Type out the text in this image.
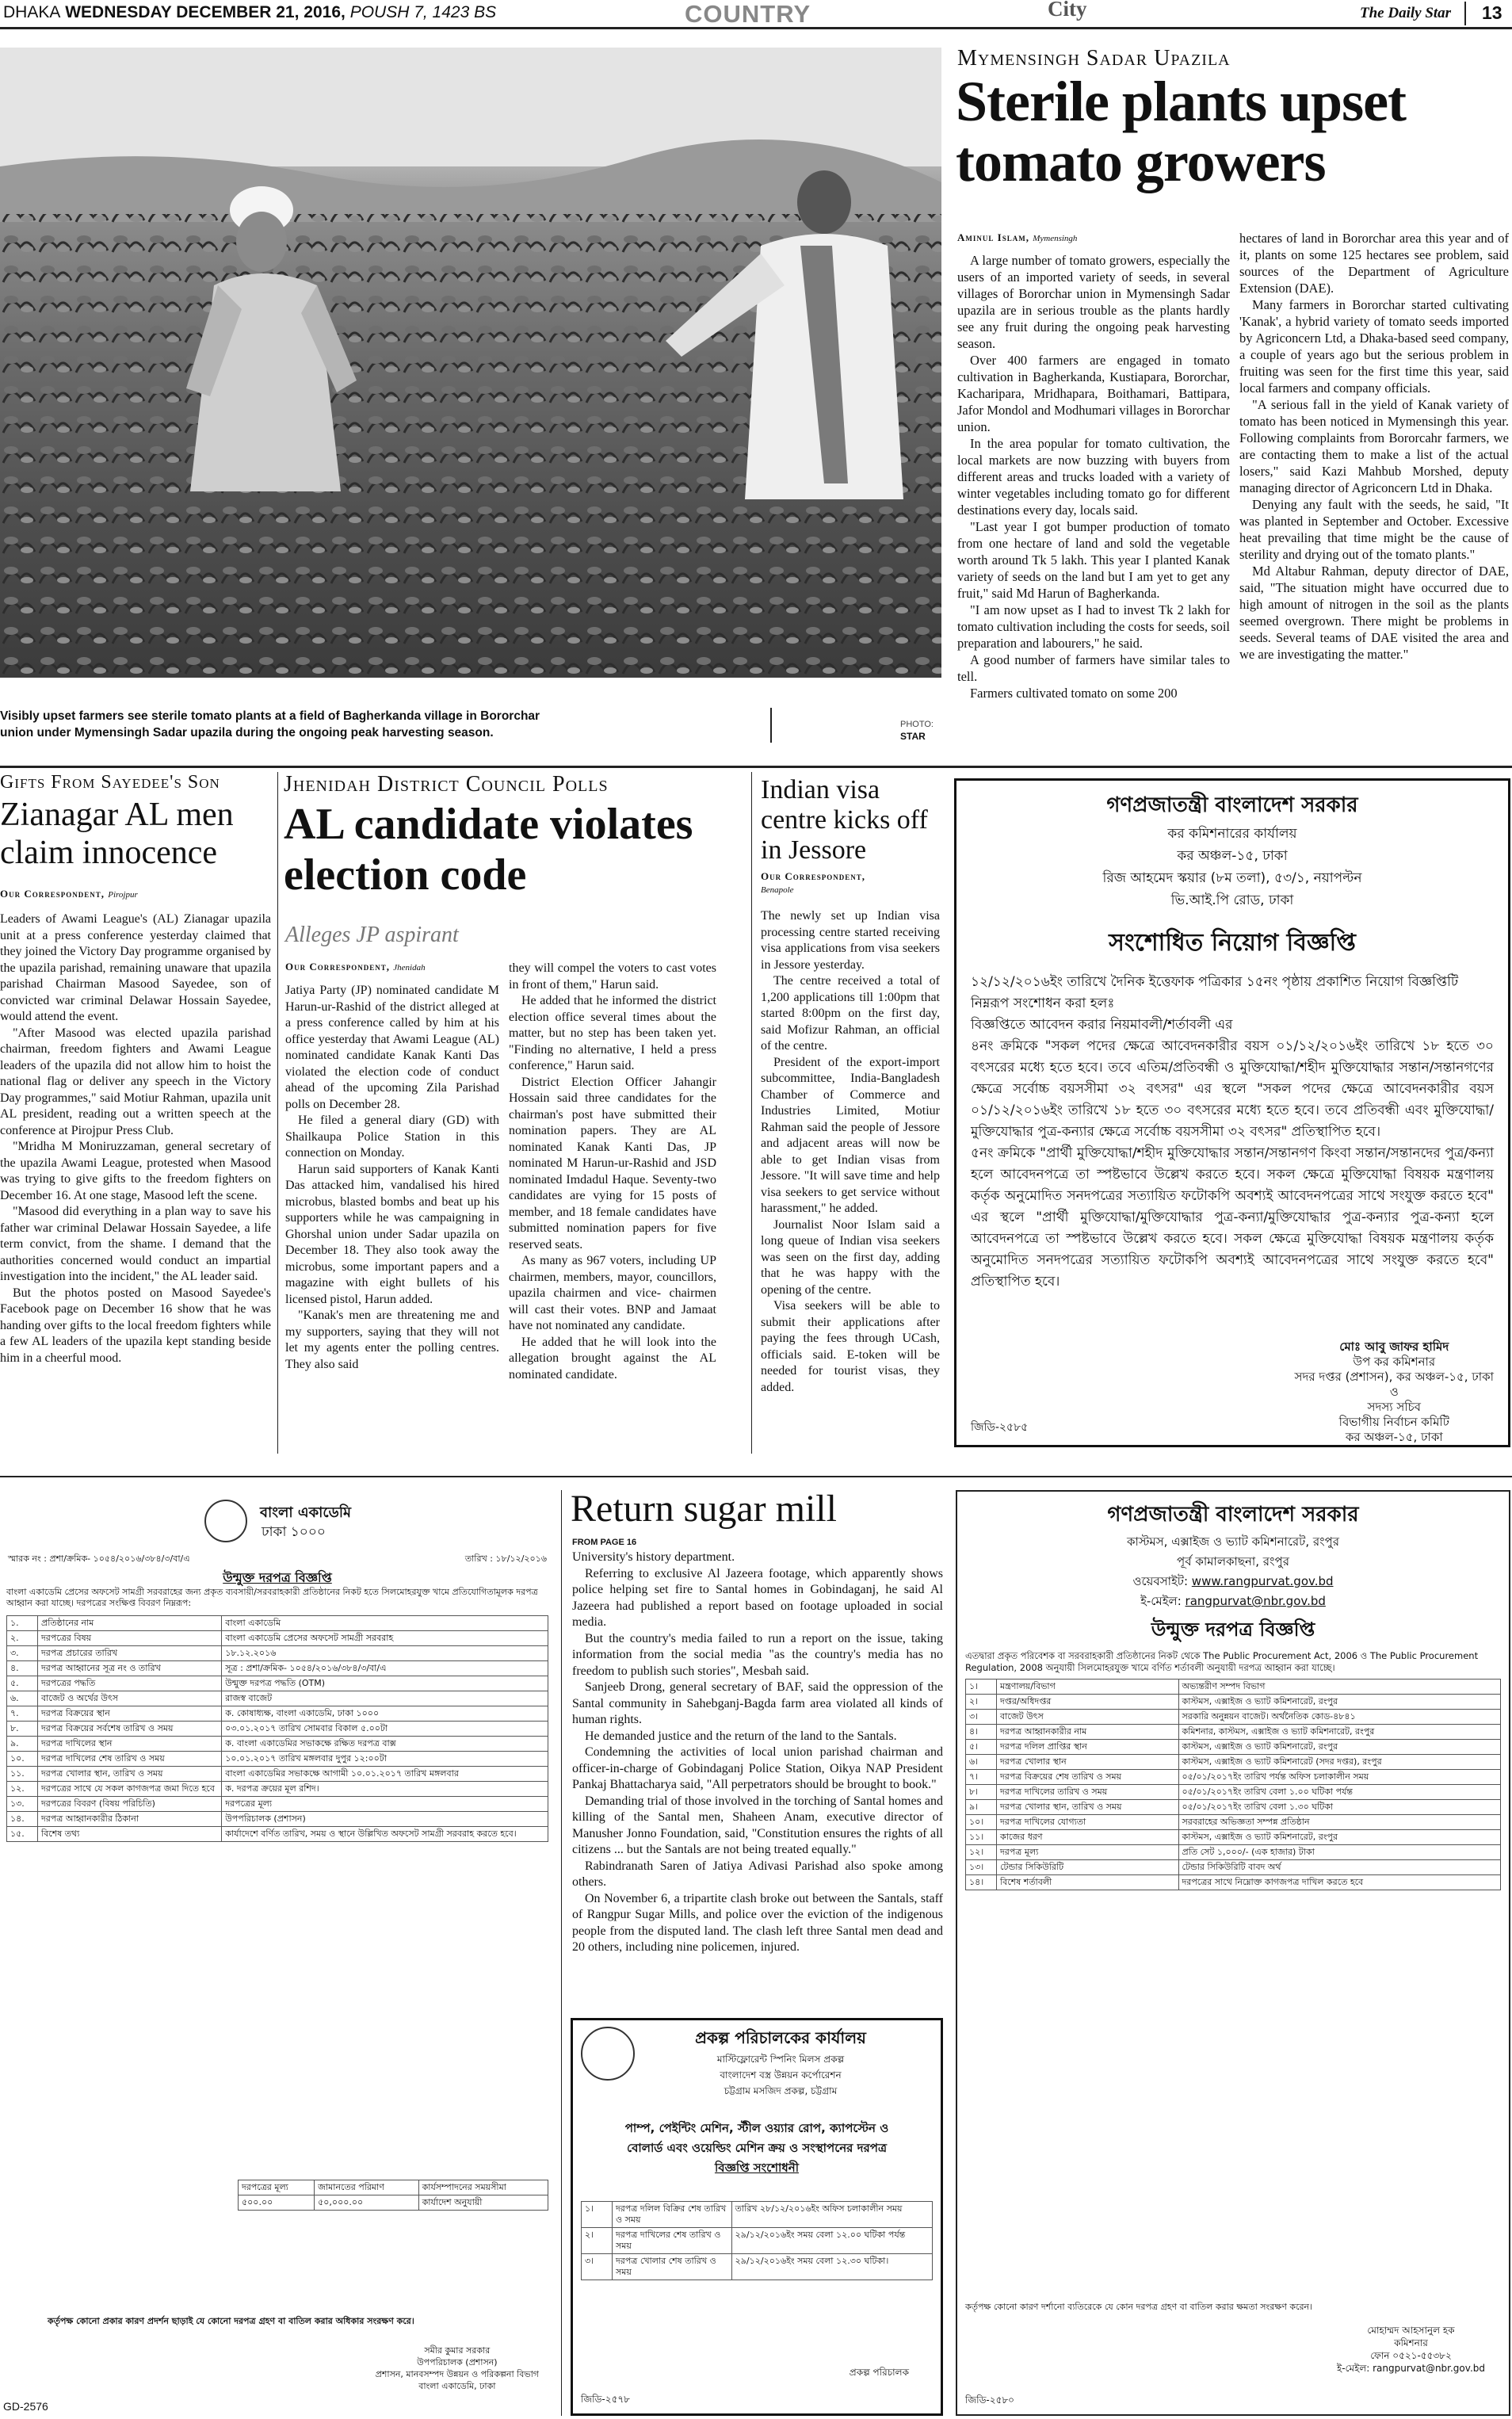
DHAKA WEDNESDAY DECEMBER 21, 2016, POUSH 7, 1423 BS	COUNTRY	City	The Daily Star 13
Visibly upset farmers see sterile tomato plants at a field of Bagherkanda village in Bororchar union under Mymensingh Sadar upazila during the ongoing peak harvesting season.
PHOTO:
STAR
Mymensingh Sadar Upazila
Sterile plants upset
tomato growers
Aminul Islam, Mymensingh

A large number of tomato growers, especially the users of an imported variety of seeds, in several villages of Bororchar union in Mymensingh Sadar upazila are in serious trouble as the plants hardly see any fruit during the ongoing peak harvesting season.

Over 400 farmers are engaged in tomato cultivation in Bagherkanda, Kustiapara, Bororchar, Kacharipara, Mridhapara, Boithamari, Battipara, Jafor Mondol and Modhumari villages in Bororchar union.

In the area popular for tomato cultivation, the local markets are now buzzing with buyers from different areas and trucks loaded with a variety of winter vegetables including tomato go for different destinations every day, locals said.

"Last year I got bumper production of tomato from one hectare of land and sold the vegetable worth around Tk 5 lakh. This year I planted Kanak variety of seeds on the land but I am yet to get any fruit," said Md Harun of Bagherkanda.

"I am now upset as I had to invest Tk 2 lakh for tomato cultivation including the costs for seeds, soil preparation and labourers," he said.

A good number of farmers have similar tales to tell.

Farmers cultivated tomato on some 200

hectares of land in Bororchar area this year and of it, plants on some 125 hectares see problem, said sources of the Department of Agriculture Extension (DAE).

Many farmers in Bororchar started cultivating 'Kanak', a hybrid variety of tomato seeds imported by Agriconcern Ltd, a Dhaka-based seed company, a couple of years ago but the serious problem in fruiting was seen for the first time this year, said local farmers and company officials.

"A serious fall in the yield of Kanak variety of tomato has been noticed in Mymensingh this year. Following complaints from Bororcahr farmers, we are contacting them to make a list of the actual losers," said Kazi Mahbub Morshed, deputy managing director of Agriconcern Ltd in Dhaka.

Denying any fault with the seeds, he said, "It was planted in September and October. Excessive heat prevailing that time might be the cause of sterility and drying out of the tomato plants."

Md Altabur Rahman, deputy director of DAE, said, "The situation might have occurred due to high amount of nitrogen in the soil as the plants seemed overgrown. There might be problems in seeds. Several teams of DAE visited the area and we are investigating the matter."

Gifts From Sayedee's Son
Zianagar AL men claim innocence
Our Correspondent, Pirojpur

Leaders of Awami League's (AL) Zianagar upazila unit at a press conference yesterday claimed that they joined the Victory Day programme organised by the upazila parishad, remaining unaware that upazila parishad Chairman Masood Sayedee, son of convicted war criminal Delawar Hossain Sayedee, would attend the event.

"After Masood was elected upazila parishad chairman, freedom fighters and Awami League leaders of the upazila did not allow him to hoist the national flag or deliver any speech in the Victory Day programmes," said Motiur Rahman, upazila unit AL president, reading out a written speech at the conference at Pirojpur Press Club.

"Mridha M Moniruzzaman, general secretary of the upazila Awami League, protested when Masood was trying to give gifts to the freedom fighters on December 16. At one stage, Masood left the scene.

"Masood did everything in a plan way to save his father war criminal Delawar Hossain Sayedee, a life term convict, from the shame. I demand that the authorities concerned would conduct an impartial investigation into the incident," the AL leader said.

But the photos posted on Masood Sayedee's Facebook page on December 16 show that he was handing over gifts to the local freedom fighters while a few AL leaders of the upazila kept standing beside him in a cheerful mood.

Jhenidah District Council Polls
AL candidate violates election code
Alleges JP aspirant
Our Correspondent, Jhenidah

Jatiya Party (JP) nominated candidate M Harun-ur-Rashid of the district alleged at a press conference called by him at his office yesterday that Awami League (AL) nominated candidate Kanak Kanti Das violated the election code of conduct ahead of the upcoming Zila Parishad polls on December 28.

He filed a general diary (GD) with Shailkaupa Police Station in this connection on Monday.

Harun said supporters of Kanak Kanti Das attacked him, vandalised his hired microbus, blasted bombs and beat up his supporters while he was campaigning in Ghorshal union under Sadar upazila on December 18. They also took away the microbus, some important papers and a magazine with eight bullets of his licensed pistol, Harun added.

"Kanak's men are threatening me and my supporters, saying that they will not let my agents enter the polling centres. They also said

they will compel the voters to cast votes in front of them," Harun said.

He added that he informed the district election office several times about the matter, but no step has been taken yet. "Finding no alternative, I held a press conference," Harun said.

District Election Officer Jahangir Hossain said three candidates for the chairman's post have submitted their nomination papers. They are AL nominated Kanak Kanti Das, JP nominated M Harun-ur-Rashid and JSD nominated Imdadul Haque. Seventy-two candidates are vying for 15 posts of member, and 18 female candidates have submitted nomination papers for five reserved seats.

As many as 967 voters, including UP chairmen, members, mayor, councillors, upazila chairmen and vice- chairmen will cast their votes. BNP and Jamaat have not nominated any candidate.

He added that he will look into the allegation brought against the AL nominated candidate.

Indian visa centre kicks off in Jessore
Our Correspondent,
Benapole

The newly set up Indian visa processing centre started receiving visa applications from visa seekers in Jessore yesterday.

The centre received a total of 1,200 applications till 1:00pm that started 8:00pm on the first day, said Mofizur Rahman, an official of the centre.

President of the export-import subcommittee, India-Bangladesh Chamber of Commerce and Industries Limited, Motiur Rahman said the people of Jessore and adjacent areas will now be able to get Indian visas from Jessore. "It will save time and help visa seekers to get service without harassment," he added.

Journalist Noor Islam said a long queue of Indian visa seekers was seen on the first day, adding that he was happy with the opening of the centre.

Visa seekers will be able to submit their applications after paying the fees through UCash, officials said. E-token will be needed for tourist visas, they added.

গণপ্রজাতন্ত্রী বাংলাদেশ সরকার
কর কমিশনারের কার্যালয়
কর অঞ্চল-১৫, ঢাকা
রিজ আহমেদ স্কয়ার (৮ম তলা), ৫৩/১, নয়াপল্টন
ভি.আই.পি রোড, ঢাকা
সংশোধিত নিয়োগ বিজ্ঞপ্তি
১২/১২/২০১৬ইং তারিখে দৈনিক ইত্তেফাক পত্রিকার ১৫নং পৃষ্ঠায় প্রকাশিত নিয়োগ বিজ্ঞপ্তিটি নিম্নরূপ সংশোধন করা হলঃ
বিজ্ঞপ্তিতে আবেদন করার নিয়মাবলী/শর্তাবলী এর
৪নং ক্রমিকে "সকল পদের ক্ষেত্রে আবেদনকারীর বয়স ০১/১২/২০১৬ইং তারিখে ১৮ হতে ৩০ বৎসরের মধ্যে হতে হবে। তবে এতিম/প্রতিবন্ধী ও মুক্তিযোদ্ধা/শহীদ মুক্তিযোদ্ধার সন্তান/সন্তানগণের ক্ষেত্রে সর্বোচ্চ বয়সসীমা ৩২ বৎসর" এর স্থলে "সকল পদের ক্ষেত্রে আবেদনকারীর বয়স ০১/১২/২০১৬ইং তারিখে ১৮ হতে ৩০ বৎসরের মধ্যে হতে হবে। তবে প্রতিবন্ধী এবং মুক্তিযোদ্ধা/মুক্তিযোদ্ধার পুত্র-কন্যার ক্ষেত্রে সর্বোচ্চ বয়সসীমা ৩২ বৎসর" প্রতিস্থাপিত হবে।
৫নং ক্রমিকে "প্রার্থী মুক্তিযোদ্ধা/শহীদ মুক্তিযোদ্ধার সন্তান/সন্তানগণ কিংবা সন্তান/সন্তানদের পুত্র/কন্যা হলে আবেদনপত্রে তা স্পষ্টভাবে উল্লেখ করতে হবে। সকল ক্ষেত্রে মুক্তিযোদ্ধা বিষয়ক মন্ত্রণালয় কর্তৃক অনুমোদিত সনদপত্রের সত্যায়িত ফটোকপি অবশ্যই আবেদনপত্রের সাথে সংযুক্ত করতে হবে" এর স্থলে "প্রার্থী মুক্তিযোদ্ধা/মুক্তিযোদ্ধার পুত্র-কন্যা/মুক্তিযোদ্ধার পুত্র-কন্যার পুত্র-কন্যা হলে আবেদনপত্রে তা স্পষ্টভাবে উল্লেখ করতে হবে। সকল ক্ষেত্রে মুক্তিযোদ্ধা বিষয়ক মন্ত্রণালয় কর্তৃক অনুমোদিত সনদপত্রের সত্যায়িত ফটোকপি অবশ্যই আবেদনপত্রের সাথে সংযুক্ত করতে হবে" প্রতিস্থাপিত হবে।
মোঃ আবু জাফর হামিদ
উপ কর কমিশনার
সদর দপ্তর (প্রশাসন), কর অঞ্চল-১৫, ঢাকা
ও
সদস্য সচিব
বিভাগীয় নির্বাচন কমিটি
কর অঞ্চল-১৫, ঢাকা
জিডি-২৫৮৫
বাংলা একাডেমি
ঢাকা ১০০০
স্মারক নং : প্রশা/ক্রমিক- ১০৫৪/২০১৬/৩৮৪/৩/বা/এ	তারিখ : ১৮/১২/২০১৬
উন্মুক্ত দরপত্র বিজ্ঞপ্তি
বাংলা একাডেমি প্রেসের অফসেট সামগ্রী সরবরাহের জন্য প্রকৃত ব্যবসায়ী/সরবরাহকারী প্রতিষ্ঠানের নিকট হতে সিলমোহরযুক্ত খামে প্রতিযোগিতামূলক দরপত্র আহ্বান করা যাচ্ছে। দরপত্রের সংক্ষিপ্ত বিবরণ নিম্নরূপ:
১.	প্রতিষ্ঠানের নাম	বাংলা একাডেমি
২.	দরপত্রের বিষয়	বাংলা একাডেমি প্রেসের অফসেট সামগ্রী সরবরাহ
৩.	দরপত্র প্রচারের তারিখ	১৮.১২.২০১৬
৪.	দরপত্র আহ্বানের সূত্র নং ও তারিখ	সূত্র : প্রশা/ক্রমিক- ১০৫৪/২০১৬/৩৮৪/৩/বা/এ
৫.	দরপত্রের পদ্ধতি	উন্মুক্ত দরপত্র পদ্ধতি (OTM)
৬.	বাজেট ও অর্থের উৎস	রাজস্ব বাজেট
৭.	দরপত্র বিক্রয়ের স্থান	ক. কোষাধ্যক্ষ, বাংলা একাডেমি, ঢাকা ১০০০
৮.	দরপত্র বিক্রয়ের সর্বশেষ তারিখ ও সময়	০৩.০১.২০১৭ তারিখ সোমবার বিকাল ৫.০০টা
৯.	দরপত্র দাখিলের স্থান	ক. বাংলা একাডেমির সভাকক্ষে রক্ষিত দরপত্র বাক্স
১০.	দরপত্র দাখিলের শেষ তারিখ ও সময়	১০.০১.২০১৭ তারিখ মঙ্গলবার দুপুর ১২:০০টা
১১.	দরপত্র খোলার স্থান, তারিখ ও সময়	বাংলা একাডেমির সভাকক্ষে আগামী ১০.০১.২০১৭ তারিখ মঙ্গলবার
১২.	দরপত্রের সাথে যে সকল কাগজপত্র জমা দিতে হবে	ক. দরপত্র ক্রয়ের মূল রশিদ।
১৩.	দরপত্রের বিবরণ (বিষয় পরিচিতি)	দরপত্রের মূল্য
১৪.	দরপত্র আহ্বানকারীর ঠিকানা	উপপরিচালক (প্রশাসন)
১৫.	বিশেষ তথ্য	কার্যাদেশে বর্ণিত তারিখ, সময় ও স্থানে উল্লিখিত অফসেট সামগ্রী সরবরাহ করতে হবে।
দরপত্রের মূল্য	জামানতের পরিমাণ	কার্যসম্পাদনের সময়সীমা
৫০০.০০	৫০,০০০.০০	কার্যাদেশ অনুযায়ী
কর্তৃপক্ষ কোনো প্রকার কারণ প্রদর্শন ছাড়াই যে কোনো দরপত্র গ্রহণ বা বাতিল করার অধিকার সংরক্ষণ করে।
সমীর কুমার সরকার
উপপরিচালক (প্রশাসন)
প্রশাসন, মানবসম্পদ উন্নয়ন ও পরিকল্পনা বিভাগ
বাংলা একাডেমি, ঢাকা
GD-2576
Return sugar mill
FROM PAGE 16

University's history department.

Referring to exclusive Al Jazeera footage, which apparently shows police helping set fire to Santal homes in Gobindaganj, he said Al Jazeera had published a report based on footage uploaded in social media.

But the country's media failed to run a report on the issue, taking information from the social media "as the country's media has no freedom to publish such stories", Mesbah said.

Sanjeeb Drong, general secretary of BAF, said the oppression of the Santal community in Sahebganj-Bagda farm area violated all kinds of human rights.

He demanded justice and the return of the land to the Santals.

Condemning the activities of local union parishad chairman and officer-in-charge of Gobindaganj Police Station, Oikya NAP President Pankaj Bhattacharya said, "All perpetrators should be brought to book."

Demanding trial of those involved in the torching of Santal homes and killing of the Santal men, Shaheen Anam, executive director of Manusher Jonno Foundation, said, "Constitution ensures the rights of all citizens ... but the Santals are not being treated equally."

Rabindranath Saren of Jatiya Adivasi Parishad also spoke among others.

On November 6, a tripartite clash broke out between the Santals, staff of Rangpur Sugar Mills, and police over the eviction of the indigenous people from the disputed land. The clash left three Santal men dead and 20 others, including nine policemen, injured.

প্রকল্প পরিচালকের কার্যালয়
মাস্টিফ্লোরেন্ট স্পিনিং মিলস প্রকল্প
বাংলাদেশ বস্ত্র উন্নয়ন কর্পোরেশন
চট্টগ্রাম মসজিদ প্রকল্প, চট্টগ্রাম
পাম্প, পেইন্টিং মেশিন, স্টীল ওয়্যার রোপ, ক্যাপস্টেন ও
বোলার্ড এবং ওয়েল্ডিং মেশিন ক্রয় ও সংস্থাপনের দরপত্র
বিজ্ঞপ্তি সংশোধনী
১।	দরপত্র দলিল বিক্রির শেষ তারিখ ও সময়	তারিখ ২৮/১২/২০১৬ইং অফিস চলাকালীন সময়
২।	দরপত্র দাখিলের শেষ তারিখ ও সময়	২৯/১২/২০১৬ইং সময় বেলা ১২.০০ ঘটিকা পর্যন্ত
৩।	দরপত্র খোলার শেষ তারিখ ও সময়	২৯/১২/২০১৬ইং সময় বেলা ১২.৩০ ঘটিকা।
প্রকল্প পরিচালক
জিডি-২৫৭৮
গণপ্রজাতন্ত্রী বাংলাদেশ সরকার
কাস্টমস, এক্সাইজ ও ভ্যাট কমিশনারেট, রংপুর
পূর্ব কামালকাছনা, রংপুর
ওয়েবসাইট: www.rangpurvat.gov.bd
ই-মেইল: rangpurvat@nbr.gov.bd
উন্মুক্ত দরপত্র বিজ্ঞপ্তি
এতদ্বারা প্রকৃত পরিবেশক বা সরবরাহকারী প্রতিষ্ঠানের নিকট থেকে The Public Procurement Act, 2006 ও The Public Procurement Regulation, 2008 অনুযায়ী সিলমোহরযুক্ত খামে বর্ণিত শর্তাবলী অনুযায়ী দরপত্র আহ্বান করা যাচ্ছে।
১।	মন্ত্রণালয়/বিভাগ	অভ্যন্তরীণ সম্পদ বিভাগ
২।	দপ্তর/অধিদপ্তর	কাস্টমস, এক্সাইজ ও ভ্যাট কমিশনারেট, রংপুর
৩।	বাজেট উৎস	সরকারি অনুন্নয়ন বাজেট। অর্থনৈতিক কোড-৪৮৪১
৪।	দরপত্র আহ্বানকারীর নাম	কমিশনার, কাস্টমস, এক্সাইজ ও ভ্যাট কমিশনারেট, রংপুর
৫।	দরপত্র দলিল প্রাপ্তির স্থান	কাস্টমস, এক্সাইজ ও ভ্যাট কমিশনারেট, রংপুর
৬।	দরপত্র খোলার স্থান	কাস্টমস, এক্সাইজ ও ভ্যাট কমিশনারেট (সদর দপ্তর), রংপুর
৭।	দরপত্র বিক্রয়ের শেষ তারিখ ও সময়	০৫/০১/২০১৭ইং তারিখ পর্যন্ত অফিস চলাকালীন সময়
৮।	দরপত্র দাখিলের তারিখ ও সময়	০৫/০১/২০১৭ইং তারিখ বেলা ১.০০ ঘটিকা পর্যন্ত
৯।	দরপত্র খোলার স্থান, তারিখ ও সময়	০৫/০১/২০১৭ইং তারিখ বেলা ১.৩০ ঘটিকা
১০।	দরপত্র দাখিলের যোগ্যতা	সরবরাহের অভিজ্ঞতা সম্পন্ন প্রতিষ্ঠান
১১।	কাজের ধরণ	কাস্টমস, এক্সাইজ ও ভ্যাট কমিশনারেট, রংপুর
১২।	দরপত্র মূল্য	প্রতি সেট ১,০০০/- (এক হাজার) টাকা
১৩।	টেন্ডার সিকিউরিটি	টেন্ডার সিকিউরিটি বাবদ অর্থ
১৪।	বিশেষ শর্তাবলী	দরপত্রের সাথে নিম্নোক্ত কাগজপত্র দাখিল করতে হবে
কর্তৃপক্ষ কোনো কারণ দর্শানো ব্যতিরেকে যে কোন দরপত্র গ্রহণ বা বাতিল করার ক্ষমতা সংরক্ষণ করেন।
মোহাম্মদ আহসানুল হক
কমিশনার
ফোন ০৫২১-৫৫৩৮২
ই-মেইল: rangpurvat@nbr.gov.bd
জিডি-২৫৮০
